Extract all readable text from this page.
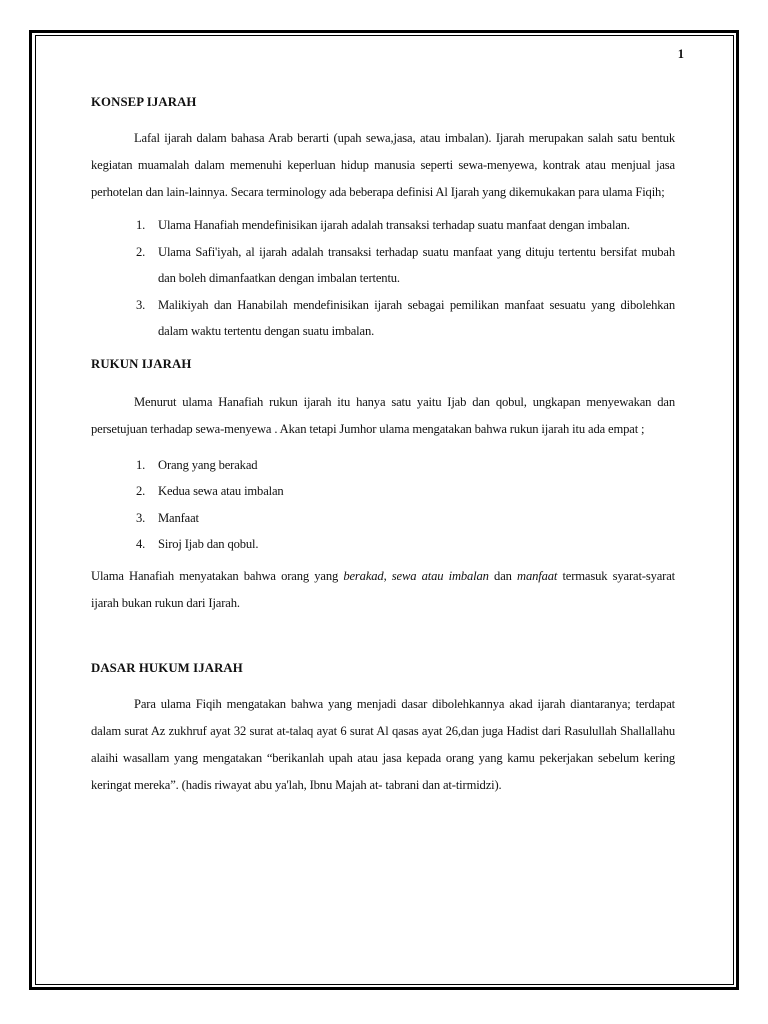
1
KONSEP IJARAH

Lafal ijarah dalam bahasa Arab berarti (upah sewa,jasa, atau imbalan). Ijarah merupakan salah satu bentuk kegiatan muamalah dalam memenuhi keperluan hidup manusia seperti sewa-menyewa, kontrak atau menjual jasa perhotelan dan lain-lainnya. Secara terminology ada beberapa definisi Al Ijarah yang dikemukakan para ulama Fiqih;

1. Ulama Hanafiah mendefinisikan ijarah adalah transaksi terhadap suatu manfaat dengan imbalan.
2. Ulama Safi'iyah, al ijarah adalah transaksi terhadap suatu manfaat yang dituju tertentu bersifat mubah dan boleh dimanfaatkan dengan imbalan tertentu.
3. Malikiyah dan Hanabilah mendefinisikan ijarah sebagai pemilikan manfaat sesuatu yang dibolehkan dalam waktu tertentu dengan suatu imbalan.
RUKUN IJARAH

Menurut ulama Hanafiah rukun ijarah itu hanya satu yaitu Ijab dan qobul, ungkapan menyewakan dan persetujuan terhadap sewa-menyewa . Akan tetapi Jumhor ulama mengatakan bahwa rukun ijarah itu ada empat ;

1. Orang yang berakad
2. Kedua sewa atau imbalan
3. Manfaat
4. Siroj Ijab dan qobul.

Ulama Hanafiah menyatakan bahwa orang yang berakad, sewa atau imbalan dan manfaat termasuk syarat-syarat ijarah bukan rukun dari Ijarah.

DASAR HUKUM IJARAH

Para ulama Fiqih mengatakan bahwa yang menjadi dasar dibolehkannya akad ijarah diantaranya; terdapat dalam surat Az zukhruf ayat 32 surat at-talaq ayat 6 surat Al qasas ayat 26,dan juga Hadist dari Rasulullah Shallallahu alaihi wasallam yang mengatakan “berikanlah upah atau jasa kepada orang yang kamu pekerjakan sebelum kering keringat mereka”. (hadis riwayat abu ya'lah, Ibnu Majah at- tabrani dan at-tirmidzi).
